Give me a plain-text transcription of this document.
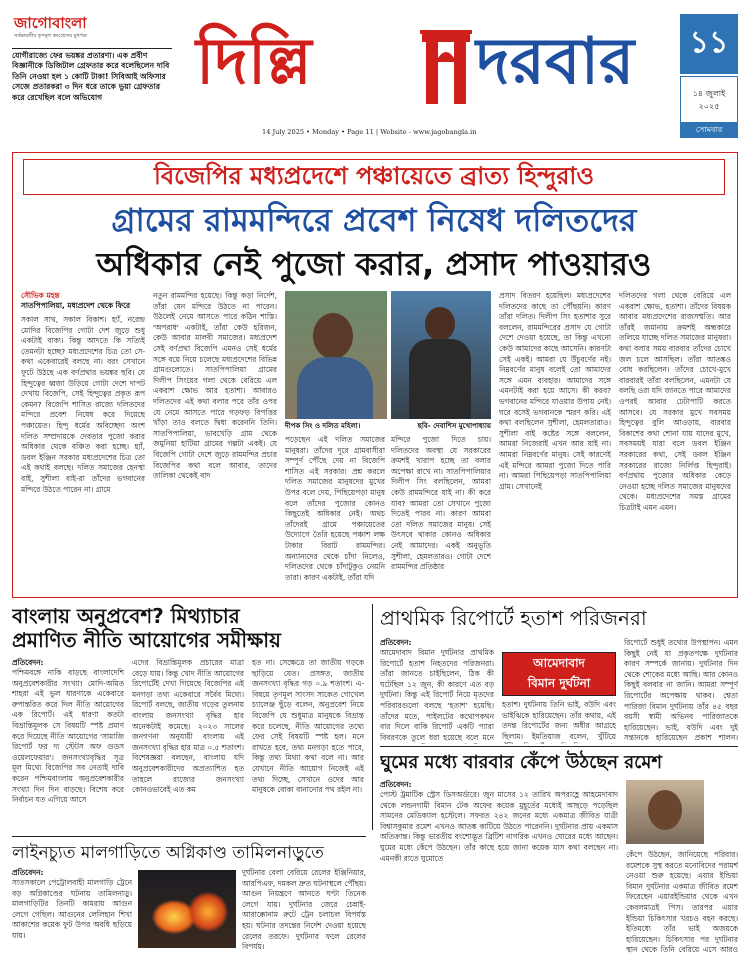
জাগোবাংলা
সর্বভারতীয় তৃণমূল কংগ্রেসের মুখপত্র
যোগীরাজ্যে ফের ভয়ঙ্কর প্রতারণা। এক প্রবীণ বিজ্ঞানীকে ডিজিটাল গ্রেফতার করে বলেছিলেন দাবি তিনি নেওয়া হল ১ কোটি টাকা! সিবিআই অফিসার সেজে প্রতারকরা ৩ দিন ধরে তাকে ভুয়া গ্রেফতার করে রেখেছিল বলে অভিযোগ	দিল্লি	দরবার
14 July 2025 • Monday • Page 11 | Website - www.jagobangla.in
১১
১৪ জুলাই ২০২৫
সোমবার
বিজেপির মধ্যপ্রদেশে পঞ্চায়েতে ব্রাত্য হিন্দুরাও
গ্রামের রামমন্দিরে প্রবেশ নিষেধ দলিতদের
অধিকার নেই পুজো করার, প্রসাদ পাওয়ারও
সৌভিক মহন্ত
সাতপিপালিয়া, মধ্যপ্রদেশ থেকে ফিরে
সকাল সাথ, সকাল বিকাশ। হ্যাঁ, নরেন্দ্র মোদির বিজেপির গোটা দেশ জুড়ে শুধু একটাই বাক্য। কিন্তু আদতে কি সত্যিই তেমনটা হচ্ছে? মধ্যপ্রদেশের চিত্র তো সে-কথা একেবারেই বলছে না। বরং সেখানে ফুটে উঠছে এক বর্ণপ্রথার ভয়ঙ্কর ছবি। যে হিন্দুত্বের ধ্বজা উড়িয়ে গোটা দেশে দাপট দেখায় বিজেপি, সেই হিন্দুত্বের প্রকৃত রূপ কেমন? বিজেপি শাসিত রাজ্যে দলিতদের মন্দিরে প্রবেশ নিষেধ করে দিয়েছে পঞ্চায়েত। হিন্দু ধর্মের অবিচ্ছেদ্য অংশ দলিত সম্প্রদায়কে দেবতার পুজো করার অধিকার থেকে বঞ্চিত করা হচ্ছে। হ্যাঁ, ডবল ইঞ্জিন সরকার মধ্যপ্রদেশের চিত্র তো এই কথাই বলছে। দলিত সমাজের হেনস্থা বাই, সুশীলা বাই-রা তাঁদের ভগবানের মন্দিরে উঠতে পারেন না। গ্রামে
নতুন রামমন্দির হয়েছে। কিন্তু কড়া নির্দেশ, তাঁরা যেন মন্দিরে উঠতে না পারেন। উঠলেই নেমে আসতে পারে কঠিন শাস্তি। 'অপরাধ' একটাই, তাঁরা কেউ হরিজন, কেউ আবার মালবী সমাজের। মধ্যপ্রদেশ সেই বর্ণপ্রথা বিজেপি এমনও সেই ধর্মের সঙ্গে বয়ে নিয়ে চলেছে মধ্যপ্রদেশের বিভিন্ন গ্রামগুলোতে। সাতপিপালিয়া গ্রামের দিলীপ সিংয়ের গলা থেকে বেরিয়ে এল একরাশ ক্ষোভ আর হতাশা। আবারও দলিতদের এই কথা বলার পরে তাঁর ওপর যে নেমে আসতে পারে গড়ফড় বিপত্তির খাঁড়া তাও বলতে দ্বিধা করেননি তিনি। সাতপিপালিয়া, ভাবখেড়ি গ্রাম থেকে জমুনিয়া হাটিয়া গ্রামের গল্পটা একই। যে বিজেপি গোটা দেশে জুড়ে রামমন্দির প্রচার বিজেপির কথা বলে আবার, তাদের তালিকা থেকেই বাদ
দীপক সিং ও দলিত মহিলা।	ছবি- দেবাশিস মুখোপাধ্যায়
পড়েছেন এই দলিত সমাজের মানুষরা। তাঁদের দূরে গ্রামবাসীরা সম্পূর্ণ পৌঁছে দেয় না বিজেপি শাসিত এই সরকার। প্রশ্ন করলে দলিত সমাজের মানুষদের মুখের উপর বলে দেয়, পিছিয়েপড়া মানুষ বলে তাঁদের পুজোর কোনও কিছুতেই অধিকার নেই। অথচ তাঁদেরই গ্রামে পঞ্চায়েতের উদ্যোগে তৈরি হয়েছে পঞ্চাশ লক্ষ টাকার বিরাট রামমন্দির। অন্যান্যদের থেকে চাঁদা নিলেও, দলিতদের থেকে চাঁদাটুকুও নেয়নি তারা। কারণ একটাই, তাঁরা যদি
মন্দিরে পুজো দিতে চায়। দলিতদের অবস্থা যে সরকারের ক্রমশই খারাপ হচ্ছে তা বলার অপেক্ষা রাখে না। সাতপিপালিয়ার দিলীপ সিং বলছিলেন, আমরা কেউ রামমন্দিরে যাই না। কী করে যাব? আমরা তো সেখানে পুজো দিতেই পারব না। কারণ আমরা তো দলিত সমাজের মানুষ। সেই উৎসবে থাকার কোনও অধিকার নেই আমাদের। একই অনুভূতি সুশীলা, হেমলতারও। গোটা দেশে রামমন্দির প্রতিষ্ঠার
প্রসাদ বিতরণ হয়েছিল। মধ্যপ্রদেশের দলিতদের কাছে তা পৌঁছয়নি। কারণ তাঁরা দলিত। দিলীপ সিং হতাশার সুরে বললেন, রামমন্দিরের প্রসাদ যে গোটা দেশে দেওয়া হয়েছে, তা কিন্তু এখনো কেউ আমাদের কাছে আসেনি। কারণটা সেই একই। আমরা যে উঁচুবর্ণের নই। নিম্নবর্ণের মানুষ বলেই তো আমাদের সঙ্গে এমন ব্যবহার। আমাদের সঙ্গে এমনটাই করা হয়ে আসে। কী করব? ভগবানের মন্দিরে যাওয়ার উপায় নেই। ঘরে বসেই ভগবানকে স্মরণ করি। এই কথা বলছিলেন সুশীলা, হেমলতারাও। সুশীলা বাই কষ্টের সঙ্গে বললেন, আমরা নিজেরাই এখন আর যাই না। আমরা নিম্নবর্ণের মানুষ। সেই কারণেই এই মন্দিরে আমরা পুজো দিতে পারি না। আমরা পিছিয়েপড়া সাতপিপালিয়া গ্রাম। সেখানেই
দলিতদের গলা থেকে বেরিয়ে এল একরাশ ক্ষোভ, হতাশা। তাঁদের বিষয়ক আবার মধ্যপ্রদেশের রাজসম্মতি। আর তাঁরই জমানায় ক্রমশই অন্ধকারে তলিয়ে যাচ্ছে দলিত সমাজের মানুষরা। কথা বলার সময় বারবার তাঁদের চোখে জল চলে আসছিল। তাঁরা আতঙ্কও বোধ করছিলেন। তাঁদের চোখে-মুখে বারবারই তাঁরা বলছিলেন, এমনটা যে বলছি ওরা যদি জানতে পারে আমাদের ওপরই আবার ঢেটাপাটি করতে আসবে। যে সরকার মুখে সবসময় হিন্দুত্বের বুলি আওড়ায়, বারবার বিকাশের কথা শোনা যায় যাদের মুখে, সবসময়ই যারা বলে ডবল ইঞ্জিন সরকারের কথা, সেই ডবল ইঞ্জিন সরকারের রাজ্যে নির্লিপ্ত হিন্দুরাই। বর্ণপ্রথায় পুজোর অধিকার কেড়ে নেওয়া হচ্ছে দলিত সমাজের মানুষদের থেকে। মধ্যপ্রদেশের সমস্ত গ্রামের চিত্রটাই এমন এমন।
বাংলায় অনুপ্রবেশ? মিথ্যাচার
প্রমাণিত নীতি আয়োগের সমীক্ষায়
প্রতিবেদন:
পশ্চিমবঙ্গে নাকি বাড়ছে বাংলাদেশি অনুপ্রবেশকারীর সংখ্যা! মোদি-অমিত শাহরা এই ভুল ধারণাকে একেবারে রুপান্তরিত করে দিল নীতি আয়োগের এক রিপোর্ট। এই ধারণা কতটা বিভ্রান্তিমূলক সে বিষয়টি স্পষ্ট প্রমাণ করে দিয়েছে নীতি আয়োগের 'সামাজি রিপোর্ট ফর দ্য স্টেটস অফ গুডস ওয়েলফেয়ার'। জনসংখ্যাবৃদ্ধির সূত্র মূল মিথ্যে বিজেপির সব নেতাই দাবি করেন পশ্চিমবাংলায় অনুপ্রবেশকারীর সংখ্যা দিন দিন বাড়ছে। বিশেষ করে নির্বাচন যত এগিয়ে আসে
এদের বিভ্রান্তিমূলক প্রচারের মাত্রা বেড়ে যায়। কিন্তু খোদ নীতি আয়োগের রিপোর্টেই দেখা গিয়েছে বিজেপির এই মনগড়া তথ্য একেবারে সর্বৈব মিথ্যে। রিপোর্ট বলছে, জাতীয় গড়ের তুলনায় বাংলায় জনসংখ্যা বৃদ্ধির হার অনেকটাই কমেছে। ২০২৩ সালের জনগণনা অনুযায়ী বাংলায় এই জনসংখ্যা বৃদ্ধির হার মাত্র ০.৫ শতাংশ। বিশেষজ্ঞরা বলছেন, বাংলায় যদি অনুপ্রবেশকারীদের অপ্রত্যাশিত হত তাহলে রাজ্যের জনসংখ্যা কোনওভাবেই এত কম
হত না। সেক্ষেত্রে তা জাতীয় গড়কে ছাড়িয়ে যেত। প্রসঙ্গত, জাতীয় জনসংখ্যা বৃদ্ধির গড় ০.৯ শতাংশ। এ-বিষয়ে তৃণমূল সাংসদ সাকেত গোখেল চ্যালেঞ্জ ছুঁড়ে বলেন, অনুপ্রবেশ নিয়ে বিজেপি যে শুধুমাত্র মানুষকে বিভ্রান্ত করে চলেছে, নীতি আয়োগের তথ্যে ফের সেই বিষয়টি স্পষ্ট হল। মনে রাখতে হবে, তথ্য মনগড়া হতে পারে, কিন্তু তথ্য মিথ্যা কথা বলে না। আর যেখানে নীতি আয়োগ নিজেই এই তথ্য দিচ্ছে, সেখানে ওদের আর মানুষকে বোকা বানানোর পথ রইল না।
প্রাথমিক রিপোর্টে হতাশ পরিজনরা
প্রতিবেদন:
আমেদাবাদ বিমান দুর্ঘটনার প্রাথমিক রিপোর্টে হতাশ নিহতদের পরিজনরা। তাঁরা জানতে চাইছিলেন, ঠিক কী ঘটেছিল ১২ জুন, কী কারণে এত বড় দুর্ঘটনা। কিন্তু এই রিপোর্ট নিয়ে মৃতদের পরিবারগুলো বলছে ‘হতাশ’ হয়েছি। তাঁদের মতে, পাইলটের কথোপকথন বার দিলে বাকি রিপোর্ট একটি প্যারা বিবরণকে তুলে ধরা হয়েছে বলে মনে
আমেদাবাদ
বিমান দুর্ঘটনা
হতাশ। দুর্ঘটনায় তিনি ভাই, বউদি এবং ভাইঝিকে হারিয়েছেন। তাঁর কথায়, এই তদন্ত রিপোর্টের জন্য অধীর আগ্রহে ছিলাম। ইমতিয়াজ বলেন, খুঁটিয়ে
রিপোর্টে শুধুই তথ্যের উপস্থাপন। এমন কিছুই নেই যা প্রকৃতপক্ষে দুর্ঘটনার কারণ সম্পর্কে জানায়। দুর্ঘটনার দিন থেকে শোকের মধ্যে আছি। আর কোনও কিছুই বলবার না জানি। আমরা সম্পূর্ণ রিপোর্টের অপেক্ষায় থাকব। শ্বেতা পারিজা বিমান দুর্ঘটনায় তাঁর ৪৫ বছর বয়সী স্বামী অভিনব পারিজাতকে হারিয়েছেন। ভাই, বউদি এবং দুই সন্তানকে হারিয়েছেন প্রকাশ শালন।
ঘুমের মধ্যে বারবার কেঁপে উঠছেন রমেশ
প্রতিবেদন:
পোস্ট ট্রমাটিক স্ট্রেস ডিসঅর্ডারে। জুন মাসের ১২ তারিখ অপরাহ্ণে আহমেদাবাদ থেকে লন্ডনগামী বিমান টেক অফের কয়েক মুহূর্তের মধ্যেই আছড়ে পড়েছিল সামনের মেডিক্যাল হস্টেলে। সফরত ২৪২ জনের মধ্যে একমাত্র জীবিত যাত্রী বিশ্বাসকুমার রমেশ এখনও আতঙ্ক কাটিয়ে উঠতে পারেননি। দুর্ঘটনার প্রায় একমাস অতিক্রান্ত। কিন্তু ভারতীয় বংশোদ্ভূত ব্রিটিশ নাগরিক এখনও ঘোরের মধ্যে আছেন। ঘুমের মধ্যে কেঁপে উঠছেন। তাঁর কাছে হয়ে জানা কয়েক মাস কথা বলছেন না। এমনকী রাতে ঘুমোতে	কেঁপে উঠছেন, জানিয়েছে পরিবার। রমেশকে সুস্থ করতে মনোবিদের পরামর্শ নেওয়া শুরু হয়েছে। এয়ার ইন্ডিয়া বিমান দুর্ঘটনার একমাত্র জীবিত রমেশ ফিরেছেন এয়ারইন্ডিয়ার থেকে এখন কেবলমাত্রই পিস। তারপর এয়ার ইন্ডিয়া চিকিৎসার খরচও বহন করছে। ইতিমধ্যে তাঁর ভাই অজয়কে হারিয়েছেন। চিকিৎসার পর দুর্ঘটনার স্থান থেকে তিনি বেরিয়ে এসে আরও
লাইনচ্যুত মালগাড়িতে অগ্নিকাণ্ড তামিলনাড়ুতে
প্রতিবেদন:
সাতসকালে পেট্রোলবাহী মালগাড়ি ট্রেনে বড় অগ্নিকাণ্ডের ঘটনায় তামিলনাড়ু। মালগাড়িটির তিনটি কামরায় আগুন লেগে গেছিল। আগুনের লেলিহান শিখা আকাশের কয়েক ফুট উপর অবধি ছড়িয়ে যায়।
দুর্ঘটনার বেলা বেরিয়ে রেলের ইঞ্জিনিয়ার, আরপিএফ, দমকল দ্রুত ঘটনাস্থলে পৌঁছয়। আগুন নিয়ন্ত্রণে আনতে ঘণ্টা তিনেক লেগে যায়। দুর্ঘটনার জেরে চেন্নাই-আরাক্কোনাম রুটে ট্রেন চলাচল বিপর্যস্ত হয়। ঘটনার তদন্তের নির্দেশ দেওয়া হয়েছে রেলের তরফে। দুর্ঘটনার ফলে রেলের বিপর্যয়।
